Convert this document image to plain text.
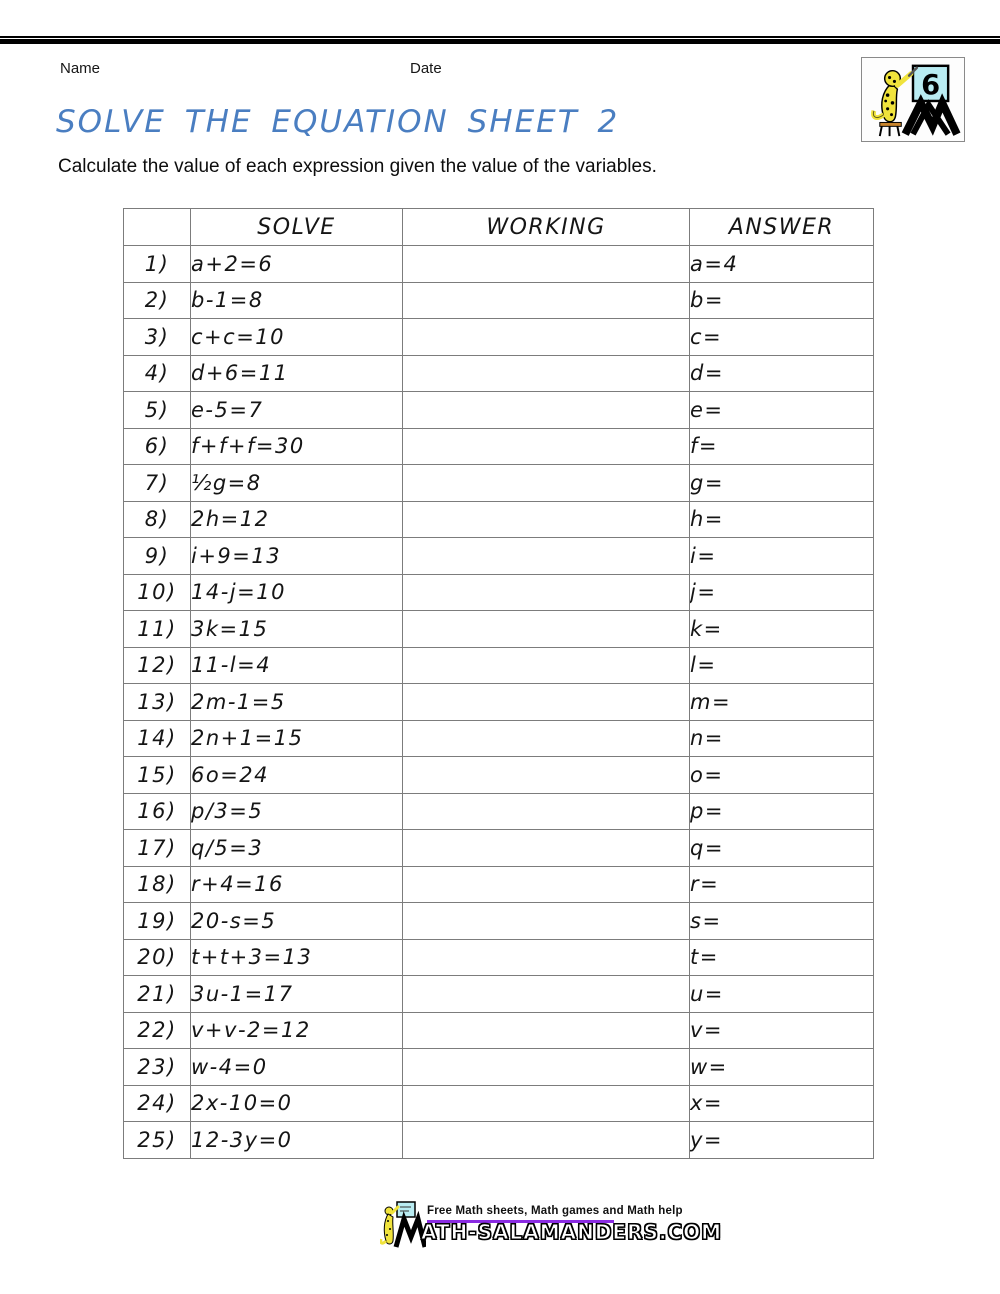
Name	Date
6
SOLVE THE EQUATION SHEET 2
Calculate the value of each expression given the value of the variables.
	SOLVE	WORKING	ANSWER
1)	a+2=6		a=4
2)	b-1=8		b=
3)	c+c=10		c=
4)	d+6=11		d=
5)	e-5=7		e=
6)	f+f+f=30		f=
7)	½g=8		g=
8)	2h=12		h=
9)	i+9=13		i=
10)	14-j=10		j=
11)	3k=15		k=
12)	11-l=4		l=
13)	2m-1=5		m=
14)	2n+1=15		n=
15)	6o=24		o=
16)	p/3=5		p=
17)	q/5=3		q=
18)	r+4=16		r=
19)	20-s=5		s=
20)	t+t+3=13		t=
21)	3u-1=17		u=
22)	v+v-2=12		v=
23)	w-4=0		w=
24)	2x-10=0		x=
25)	12-3y=0		y=
Free Math sheets, Math games and Math help
ATH-SALAMANDERS.COM
